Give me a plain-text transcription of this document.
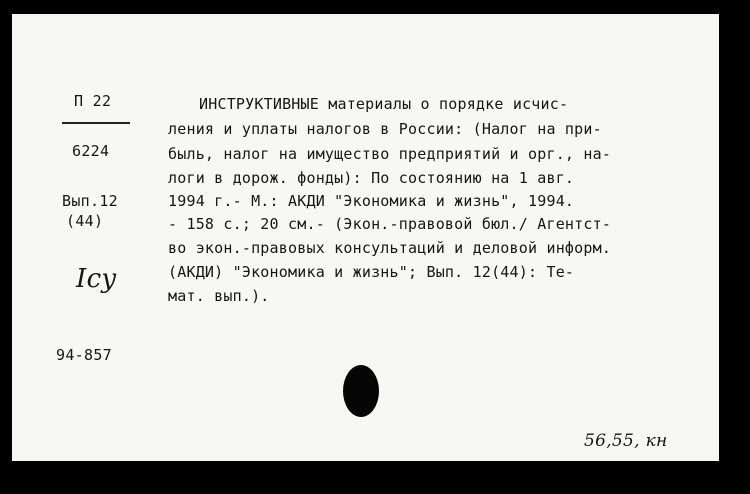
П 22
6224
Вып.12
(44)
Ісу
94-857
ИНСТРУКТИВНЫЕ материалы о порядке исчис-
ления и уплаты налогов в России: (Налог на при-
быль, налог на имущество предприятий и орг., на-
логи в дорож. фонды): По состоянию на 1 авг.
1994 г.- М.: АКДИ "Экономика и жизнь", 1994.
- 158 с.; 20 см.- (Экон.-правовой бюл./ Агентст-
во экон.-правовых консультаций и деловой информ.
(АКДИ) "Экономика и жизнь"; Вып. 12(44): Те-
мат. вып.).
56,55, кн
